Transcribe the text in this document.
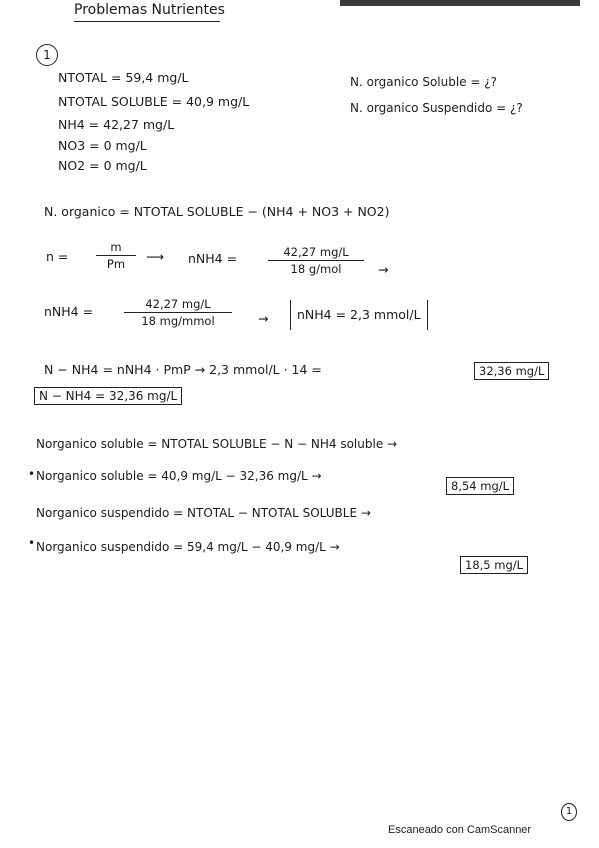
Problemas Nutrientes
1
NTOTAL = 59,4 mg/L
NTOTAL SOLUBLE = 40,9 mg/L
NH4 = 42,27 mg/L
NO3 = 0 mg/L
NO2 = 0 mg/L
N. organico Soluble = ¿?
N. organico Suspendido = ¿?
N. organico = NTOTAL SOLUBLE − (NH4 + NO3 + NO2)
$n = \frac{m}{Pm}$ ⟶ nNH4 =	42,27 mg/L
18 g/mol	→
nNH4 =	42,27 mg/L
18 mg/mmol	→	nNH4 = 2,3 mmol/L
N − NH4 = nNH4 · PmP → 2,3 mmol/L · 14 =	32,36 mg/L
N − NH4 = 32,36 mg/L
Norganico soluble = NTOTAL SOLUBLE − N − NH4 soluble →
• Norganico soluble = 40,9 mg/L − 32,36 mg/L →
8,54 mg/L
Norganico suspendido = NTOTAL − NTOTAL SOLUBLE →
• Norganico suspendido = 59,4 mg/L − 40,9 mg/L →
18,5 mg/L
1
Escaneado con CamScanner
